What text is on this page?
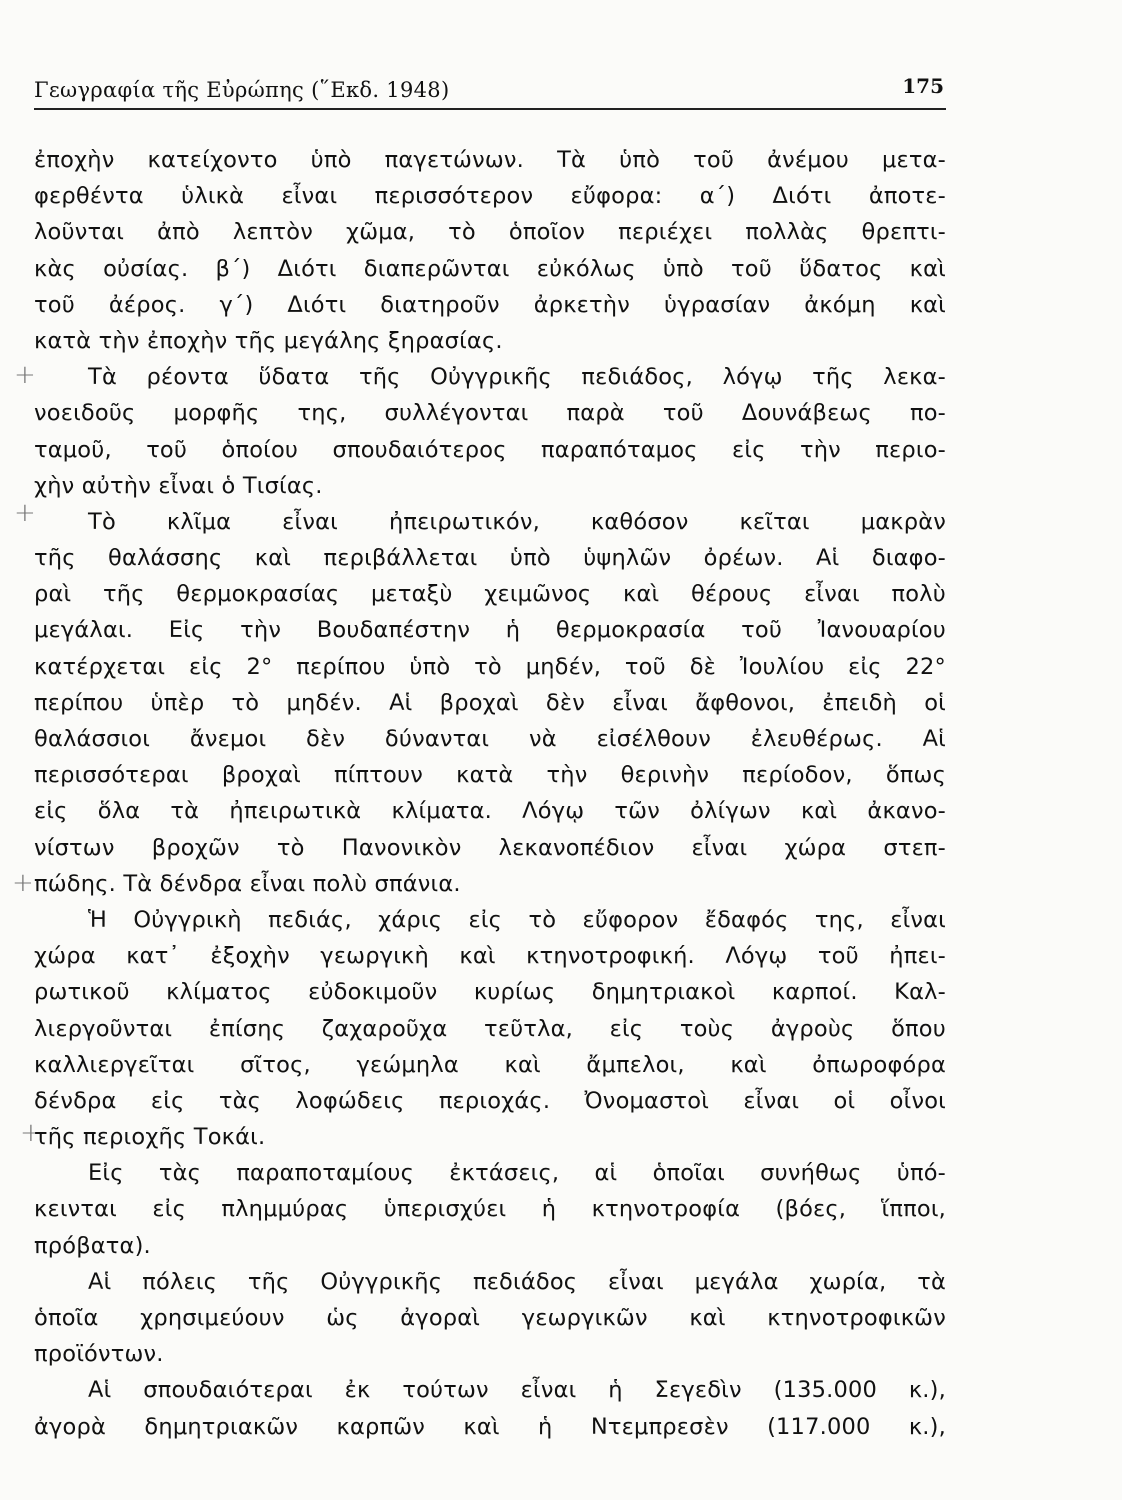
Γεωγραφία τῆς Εὐρώπης (῞Εκδ. 1948)	175
+
+
+
+
ἐποχὴν κατείχοντο ὑπὸ παγετώνων. Τὰ ὑπὸ τοῦ ἀνέμου μετα-
φερθέντα ὑλικὰ εἶναι περισσότερον εὔφορα: α΄) Διότι ἀποτε-
λοῦνται ἀπὸ λεπτὸν χῶμα, τὸ ὁποῖον περιέχει πολλὰς θρεπτι-
κὰς οὐσίας. β΄) Διότι διαπερῶνται εὐκόλως ὑπὸ τοῦ ὕδατος καὶ
τοῦ ἀέρος. γ΄) Διότι διατηροῦν ἀρκετὴν ὑγρασίαν ἀκόμη καὶ
κατὰ τὴν ἐποχὴν τῆς μεγάλης ξηρασίας.
Τὰ ρέοντα ὕδατα τῆς Οὐγγρικῆς πεδιάδος, λόγῳ τῆς λεκα-
νοειδοῦς μορφῆς της, συλλέγονται παρὰ τοῦ Δουνάβεως πο-
ταμοῦ, τοῦ ὁποίου σπουδαιότερος παραπόταμος εἰς τὴν περιο-
χὴν αὐτὴν εἶναι ὁ Τισίας.
Τὸ κλῖμα εἶναι ἠπειρωτικόν, καθόσον κεῖται μακρὰν
τῆς θαλάσσης καὶ περιβάλλεται ὑπὸ ὑψηλῶν ὀρέων. Αἱ διαφο-
ραὶ τῆς θερμοκρασίας μεταξὺ χειμῶνος καὶ θέρους εἶναι πολὺ
μεγάλαι. Εἰς τὴν Βουδαπέστην ἡ θερμοκρασία τοῦ Ἰανουαρίου
κατέρχεται εἰς 2° περίπου ὑπὸ τὸ μηδέν, τοῦ δὲ Ἰουλίου εἰς 22°
περίπου ὑπὲρ τὸ μηδέν. Αἱ βροχαὶ δὲν εἶναι ἄφθονοι, ἐπειδὴ οἱ
θαλάσσιοι ἄνεμοι δὲν δύνανται νὰ εἰσέλθουν ἐλευθέρως. Αἱ
περισσότεραι βροχαὶ πίπτουν κατὰ τὴν θερινὴν περίοδον, ὅπως
εἰς ὅλα τὰ ἠπειρωτικὰ κλίματα. Λόγῳ τῶν ὀλίγων καὶ ἀκανο-
νίστων βροχῶν τὸ Πανονικὸν λεκανοπέδιον εἶναι χώρα στεπ-
πώδης. Τὰ δένδρα εἶναι πολὺ σπάνια.
Ἡ Οὐγγρικὴ πεδιάς, χάρις εἰς τὸ εὔφορον ἔδαφός της, εἶναι
χώρα κατ᾽ ἐξοχὴν γεωργικὴ καὶ κτηνοτροφική. Λόγῳ τοῦ ἠπει-
ρωτικοῦ κλίματος εὐδοκιμοῦν κυρίως δημητριακοὶ καρποί. Καλ-
λιεργοῦνται ἐπίσης ζαχαροῦχα τεῦτλα, εἰς τοὺς ἀγροὺς ὅπου
καλλιεργεῖται σῖτος, γεώμηλα καὶ ἄμπελοι, καὶ ὀπωροφόρα
δένδρα εἰς τὰς λοφώδεις περιοχάς. Ὀνομαστοὶ εἶναι οἱ οἶνοι
τῆς περιοχῆς Τοκάι.
Εἰς τὰς παραποταμίους ἐκτάσεις, αἱ ὁποῖαι συνήθως ὑπό-
κεινται εἰς πλημμύρας ὑπερισχύει ἡ κτηνοτροφία (βόες, ἵπποι,
πρόβατα).
Αἱ πόλεις τῆς Οὐγγρικῆς πεδιάδος εἶναι μεγάλα χωρία, τὰ
ὁποῖα χρησιμεύουν ὡς ἀγοραὶ γεωργικῶν καὶ κτηνοτροφικῶν
προϊόντων.
Αἱ σπουδαιότεραι ἐκ τούτων εἶναι ἡ Σεγεδὶν (135.000 κ.),
ἀγορὰ δημητριακῶν καρπῶν καὶ ἡ Ντεμπρεσὲν (117.000 κ.),
